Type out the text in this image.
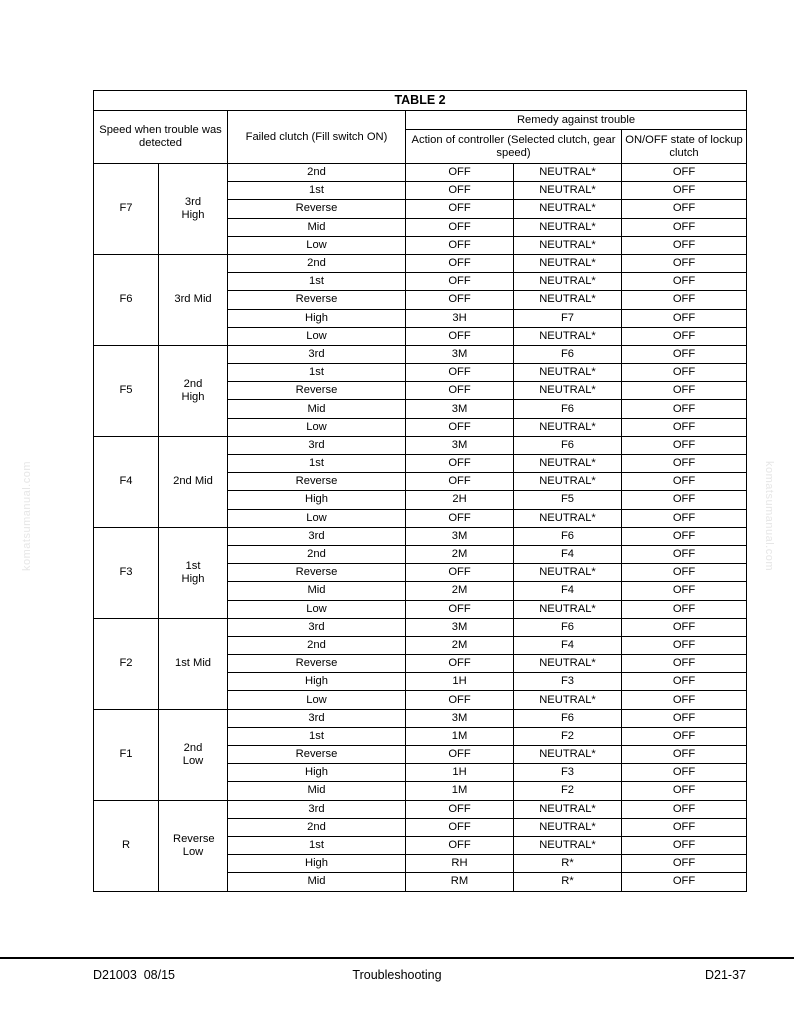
komatsumanual.com	komatsumanual.com
TABLE 2					
Speed when trouble was detected		Failed clutch (Fill switch ON)	Remedy against trouble		
			Action of controller (Selected clutch, gear speed)		ON/OFF state of lockup clutch
F7	3rd High	2nd	OFF	NEUTRAL*	OFF
		1st	OFF	NEUTRAL*	OFF
		Reverse	OFF	NEUTRAL*	OFF
		Mid	OFF	NEUTRAL*	OFF
		Low	OFF	NEUTRAL*	OFF
F6	3rd Mid	2nd	OFF	NEUTRAL*	OFF
		1st	OFF	NEUTRAL*	OFF
		Reverse	OFF	NEUTRAL*	OFF
		High	3H	F7	OFF
		Low	OFF	NEUTRAL*	OFF
F5	2nd High	3rd	3M	F6	OFF
		1st	OFF	NEUTRAL*	OFF
		Reverse	OFF	NEUTRAL*	OFF
		Mid	3M	F6	OFF
		Low	OFF	NEUTRAL*	OFF
F4	2nd Mid	3rd	3M	F6	OFF
		1st	OFF	NEUTRAL*	OFF
		Reverse	OFF	NEUTRAL*	OFF
		High	2H	F5	OFF
		Low	OFF	NEUTRAL*	OFF
F3	1st High	3rd	3M	F6	OFF
		2nd	2M	F4	OFF
		Reverse	OFF	NEUTRAL*	OFF
		Mid	2M	F4	OFF
		Low	OFF	NEUTRAL*	OFF
F2	1st Mid	3rd	3M	F6	OFF
		2nd	2M	F4	OFF
		Reverse	OFF	NEUTRAL*	OFF
		High	1H	F3	OFF
		Low	OFF	NEUTRAL*	OFF
F1	2nd Low	3rd	3M	F6	OFF
		1st	1M	F2	OFF
		Reverse	OFF	NEUTRAL*	OFF
		High	1H	F3	OFF
		Mid	1M	F2	OFF
R	Reverse Low	3rd	OFF	NEUTRAL*	OFF
		2nd	OFF	NEUTRAL*	OFF
		1st	OFF	NEUTRAL*	OFF
		High	RH	R*	OFF
		Mid	RM	R*	OFF
D21003  08/15	Troubleshooting	D21-37
